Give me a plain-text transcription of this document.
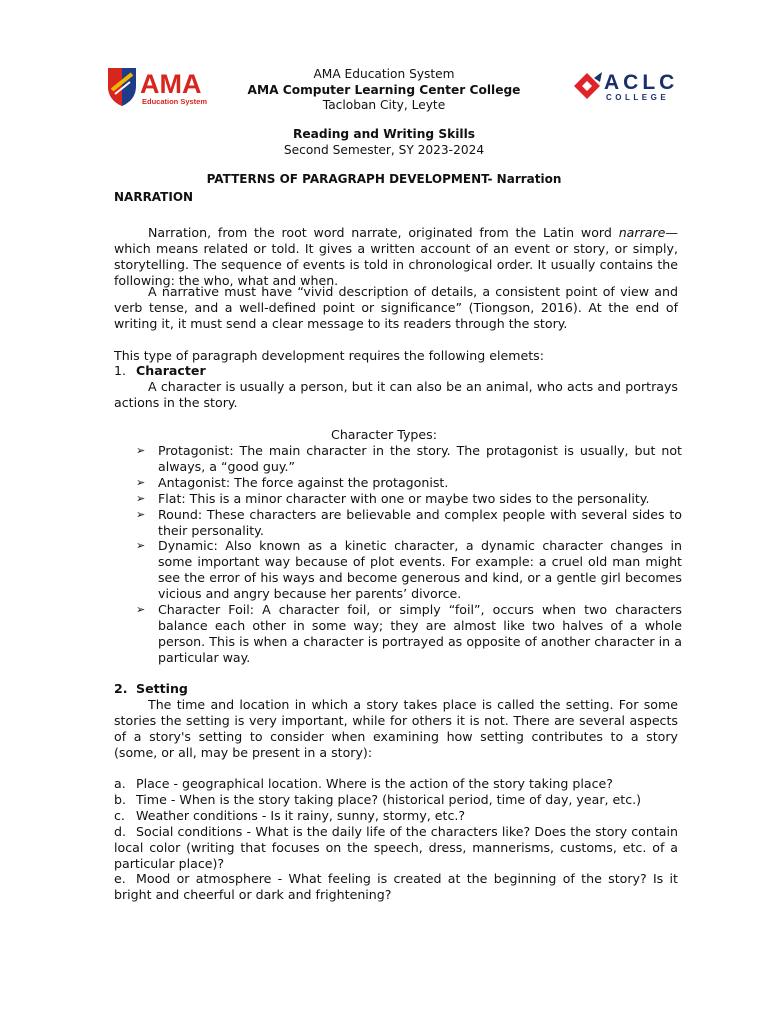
AMA
Education System
ACLC
COLLEGE
AMA Education System
AMA Computer Learning Center College
Tacloban City, Leyte
Reading and Writing Skills
Second Semester, SY 2023-2024
PATTERNS OF PARAGRAPH DEVELOPMENT- Narration
NARRATION

Narration, from the root word narrate, originated from the Latin word narrare—which means related or told. It gives a written account of an event or story, or simply, storytelling. The sequence of events is told in chronological order. It usually contains the following: the who, what and when.

A narrative must have “vivid description of details, a consistent point of view and verb tense, and a well-defined point or significance” (Tiongson, 2016). At the end of writing it, it must send a clear message to its readers through the story.

This type of paragraph development requires the following elemets:

1. Character

A character is usually a person, but it can also be an animal, who acts and portrays actions in the story.

Character Types:
➢ Protagonist: The main character in the story. The protagonist is usually, but not always, a “good guy.”
➢ Antagonist: The force against the protagonist.
➢ Flat: This is a minor character with one or maybe two sides to the personality.
➢ Round: These characters are believable and complex people with several sides to their personality.
➢ Dynamic: Also known as a kinetic character, a dynamic character changes in some important way because of plot events. For example: a cruel old man might see the error of his ways and become generous and kind, or a gentle girl becomes vicious and angry because her parents’ divorce.
➢ Character Foil: A character foil, or simply “foil”, occurs when two characters balance each other in some way; they are almost like two halves of a whole person. This is when a character is portrayed as opposite of another character in a particular way.
2. Setting

The time and location in which a story takes place is called the setting. For some stories the setting is very important, while for others it is not. There are several aspects of a story's setting to consider when examining how setting contributes to a story (some, or all, may be present in a story):

a. Place - geographical location. Where is the action of the story taking place?
b. Time - When is the story taking place? (historical period, time of day, year, etc.)
c. Weather conditions - Is it rainy, sunny, stormy, etc.?
d. Social conditions - What is the daily life of the characters like? Does the story contain local color (writing that focuses on the speech, dress, mannerisms, customs, etc. of a particular place)?
e. Mood or atmosphere - What feeling is created at the beginning of the story? Is it bright and cheerful or dark and frightening?
